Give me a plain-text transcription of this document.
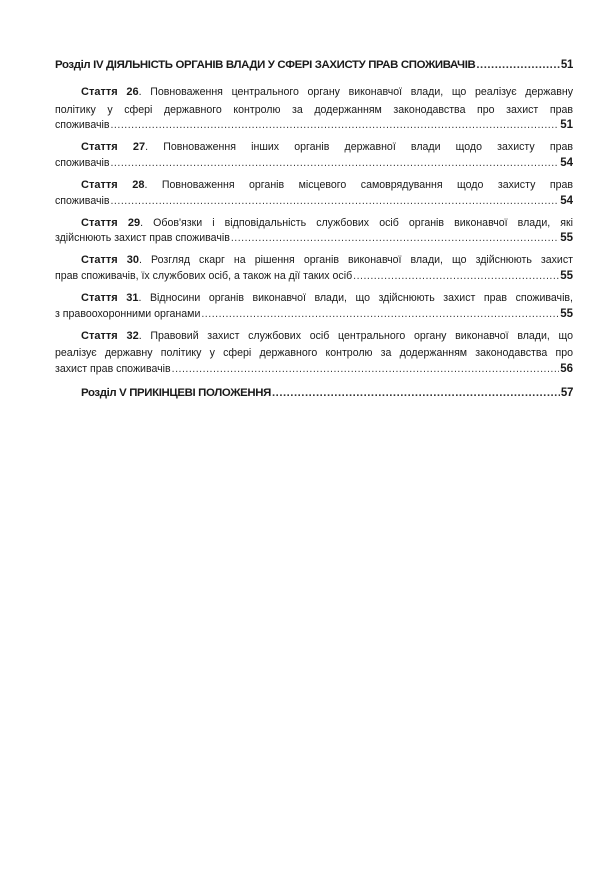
Розділ IV ДІЯЛЬНІСТЬ ОРГАНІВ ВЛАДИ У СФЕРІ ЗАХИСТУ ПРАВ СПОЖИВАЧІВ .....	51
Стаття 26. Повноваження центрального органу виконавчої влади, що реалізує державну
політику у сфері державного контролю за додержанням законодавства про захист прав
споживачів .....	51
Стаття 27. Повноваження інших органів державної влади щодо захисту прав
споживачів .....	54
Стаття 28. Повноваження органів місцевого самоврядування щодо захисту прав
споживачів .....	54
Стаття 29. Обов'язки і відповідальність службових осіб органів виконавчої влади, які
здійснюють захист прав споживачів .....	55
Стаття 30. Розгляд скарг на рішення органів виконавчої влади, що здійснюють захист
прав споживачів, їх службових осіб, а також на дії таких осіб .....	55
Стаття 31. Відносини органів виконавчої влади, що здійснюють захист прав споживачів,
з правоохоронними органами .....	55
Стаття 32. Правовий захист службових осіб центрального органу виконавчої влади, що
реалізує державну політику у сфері державного контролю за додержанням законодавства про
захист прав споживачів .....	56
Розділ V ПРИКІНЦЕВІ ПОЛОЖЕННЯ .....	57
